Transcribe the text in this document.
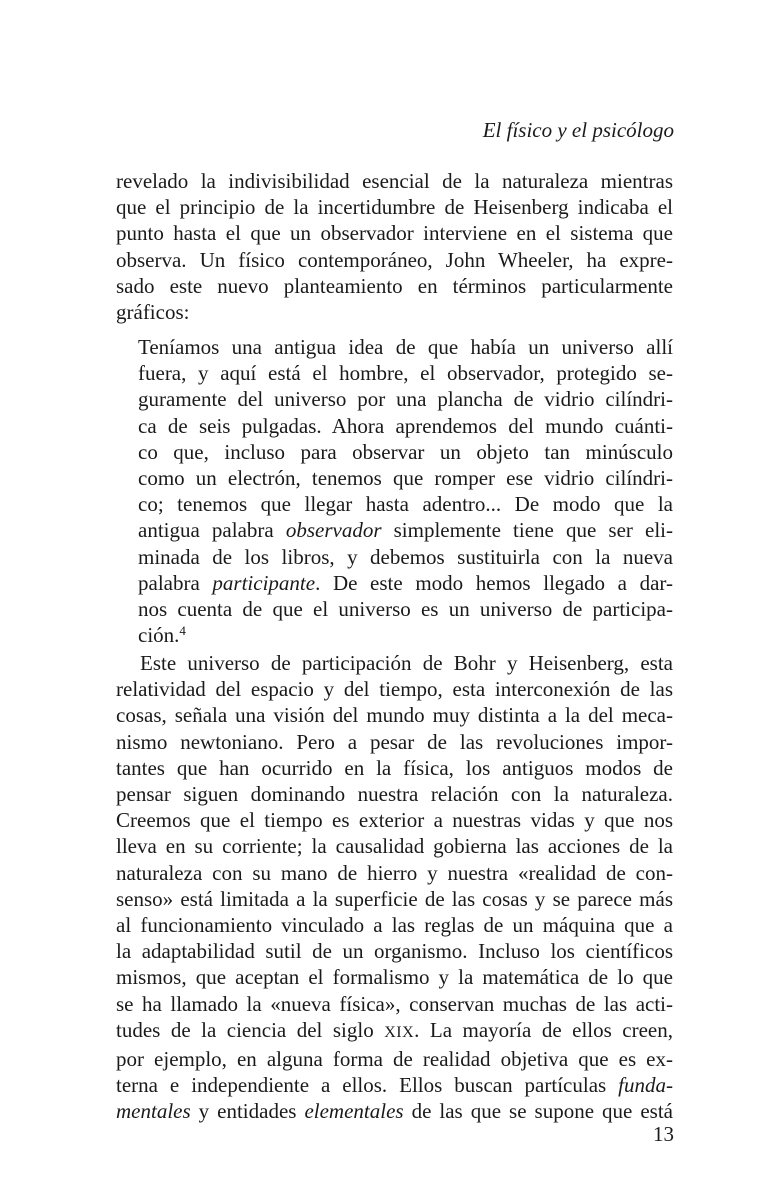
El físico y el psicólogo
revelado la indivisibilidad esencial de la naturaleza mientras
que el principio de la incertidumbre de Heisenberg indicaba el
punto hasta el que un observador interviene en el sistema que
observa. Un físico contemporáneo, John Wheeler, ha expre-
sado este nuevo planteamiento en términos particularmente
gráficos:
Teníamos una antigua idea de que había un universo allí
fuera, y aquí está el hombre, el observador, protegido se-
guramente del universo por una plancha de vidrio cilíndri-
ca de seis pulgadas. Ahora aprendemos del mundo cuánti-
co que, incluso para observar un objeto tan minúsculo
como un electrón, tenemos que romper ese vidrio cilíndri-
co; tenemos que llegar hasta adentro... De modo que la
antigua palabra observador simplemente tiene que ser eli-
minada de los libros, y debemos sustituirla con la nueva
palabra participante. De este modo hemos llegado a dar-
nos cuenta de que el universo es un universo de participa-
ción.$^4$
Este universo de participación de Bohr y Heisenberg, esta
relatividad del espacio y del tiempo, esta interconexión de las
cosas, señala una visión del mundo muy distinta a la del meca-
nismo newtoniano. Pero a pesar de las revoluciones impor-
tantes que han ocurrido en la física, los antiguos modos de
pensar siguen dominando nuestra relación con la naturaleza.
Creemos que el tiempo es exterior a nuestras vidas y que nos
lleva en su corriente; la causalidad gobierna las acciones de la
naturaleza con su mano de hierro y nuestra «realidad de con-
senso» está limitada a la superficie de las cosas y se parece más
al funcionamiento vinculado a las reglas de un máquina que a
la adaptabilidad sutil de un organismo. Incluso los científicos
mismos, que aceptan el formalismo y la matemática de lo que
se ha llamado la «nueva física», conservan muchas de las acti-
tudes de la ciencia del siglo XIX. La mayoría de ellos creen,
por ejemplo, en alguna forma de realidad objetiva que es ex-
terna e independiente a ellos. Ellos buscan partículas funda-
mentales y entidades elementales de las que se supone que está
13
